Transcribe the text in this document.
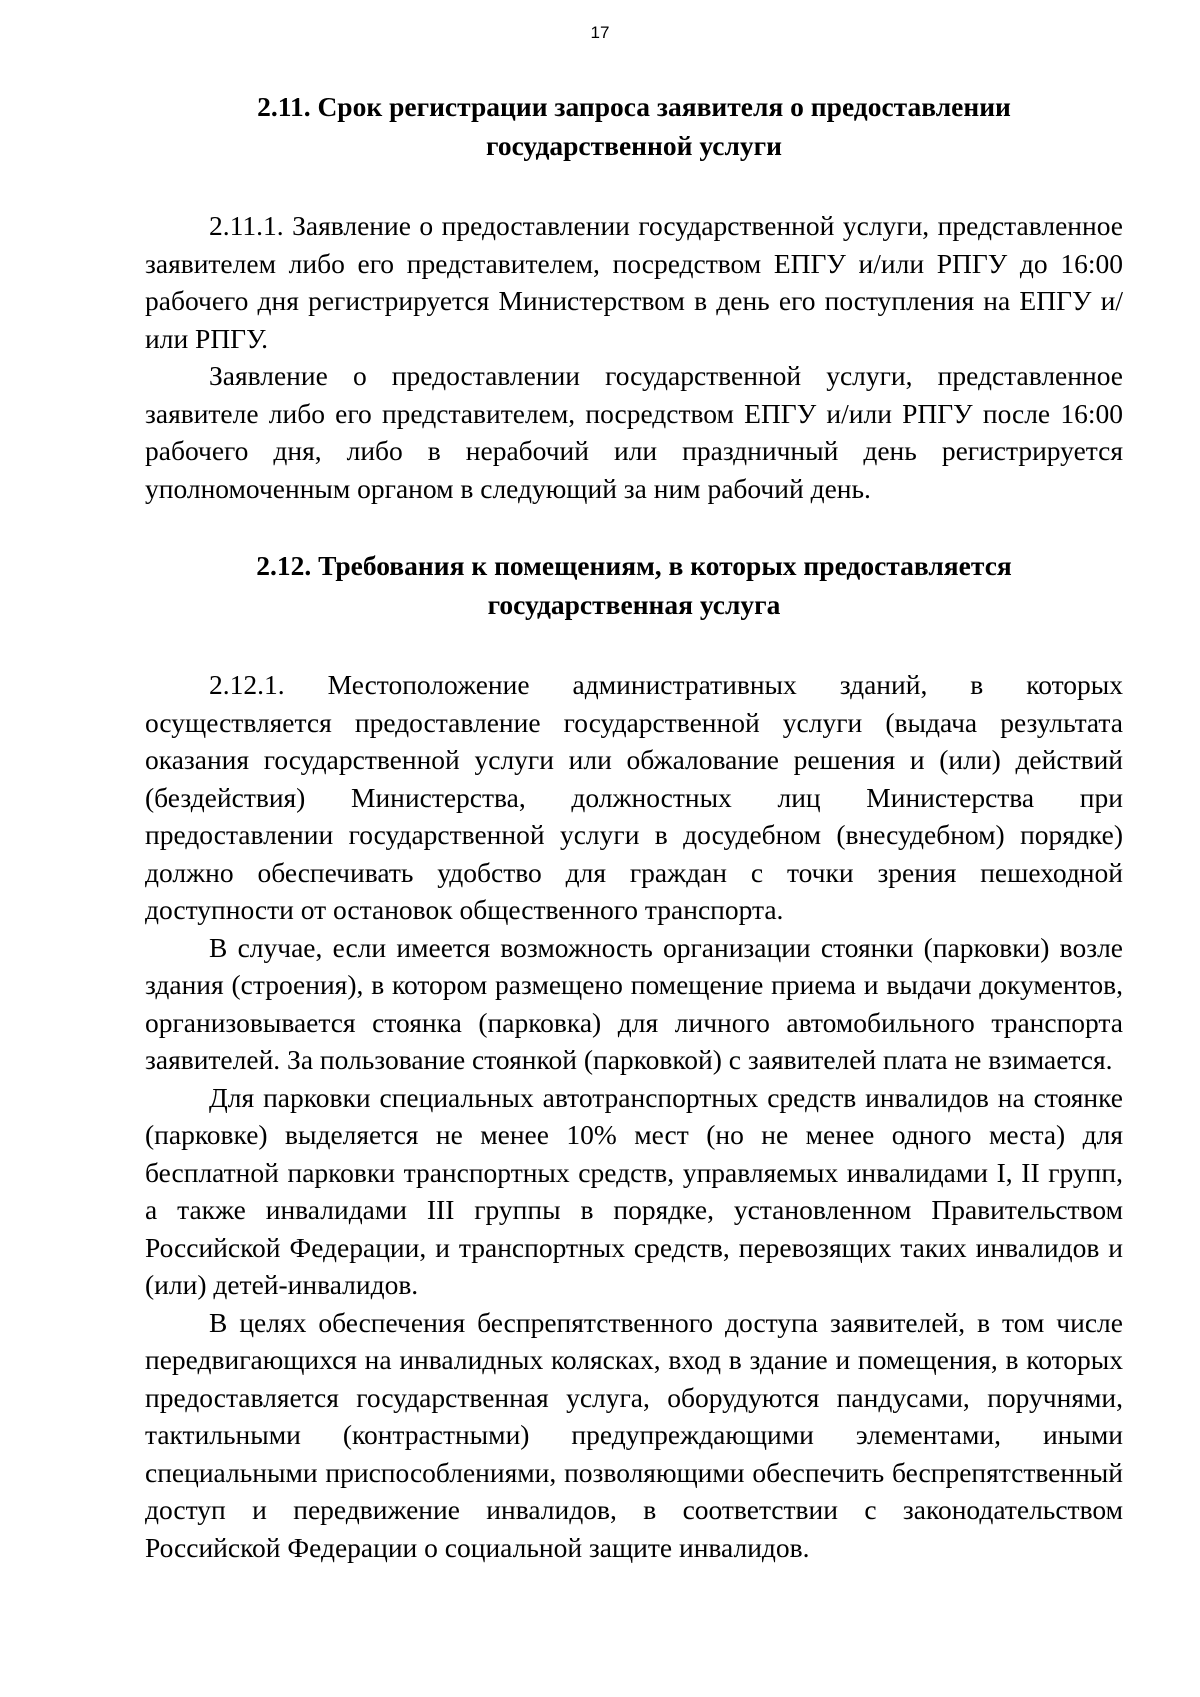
17
2.11. Срок регистрации запроса заявителя о предоставлении
государственной услуги

2.11.1. Заявление о предоставлении государственной услуги, представленное заявителем либо его представителем, посредством ЕПГУ и/или РПГУ до 16:00 рабочего дня регистрируется Министерством в день его поступления на ЕПГУ и/или РПГУ.

Заявление о предоставлении государственной услуги, представленное заявителе либо его представителем, посредством ЕПГУ и/или РПГУ после 16:00 рабочего дня, либо в нерабочий или праздничный день регистрируется уполномоченным органом в следующий за ним рабочий день.

2.12. Требования к помещениям, в которых предоставляется
государственная услуга

2.12.1. Местоположение административных зданий, в которых осуществляется предоставление государственной услуги (выдача результата оказания государственной услуги или обжалование решения и (или) действий (бездействия) Министерства, должностных лиц Министерства при предоставлении государственной услуги в досудебном (внесудебном) порядке) должно обеспечивать удобство для граждан с точки зрения пешеходной доступности от остановок общественного транспорта.

В случае, если имеется возможность организации стоянки (парковки) возле здания (строения), в котором размещено помещение приема и выдачи документов, организовывается стоянка (парковка) для личного автомобильного транспорта заявителей. За пользование стоянкой (парковкой) с заявителей плата не взимается.

Для парковки специальных автотранспортных средств инвалидов на стоянке (парковке) выделяется не менее 10% мест (но не менее одного места) для бесплатной парковки транспортных средств, управляемых инвалидами I, II групп, а также инвалидами III группы в порядке, установленном Правительством Российской Федерации, и транспортных средств, перевозящих таких инвалидов и (или) детей-инвалидов.

В целях обеспечения беспрепятственного доступа заявителей, в том числе передвигающихся на инвалидных колясках, вход в здание и помещения, в которых предоставляется государственная услуга, оборудуются пандусами, поручнями, тактильными (контрастными) предупреждающими элементами, иными специальными приспособлениями, позволяющими обеспечить беспрепятственный доступ и передвижение инвалидов, в соответствии с законодательством Российской Федерации о социальной защите инвалидов.
